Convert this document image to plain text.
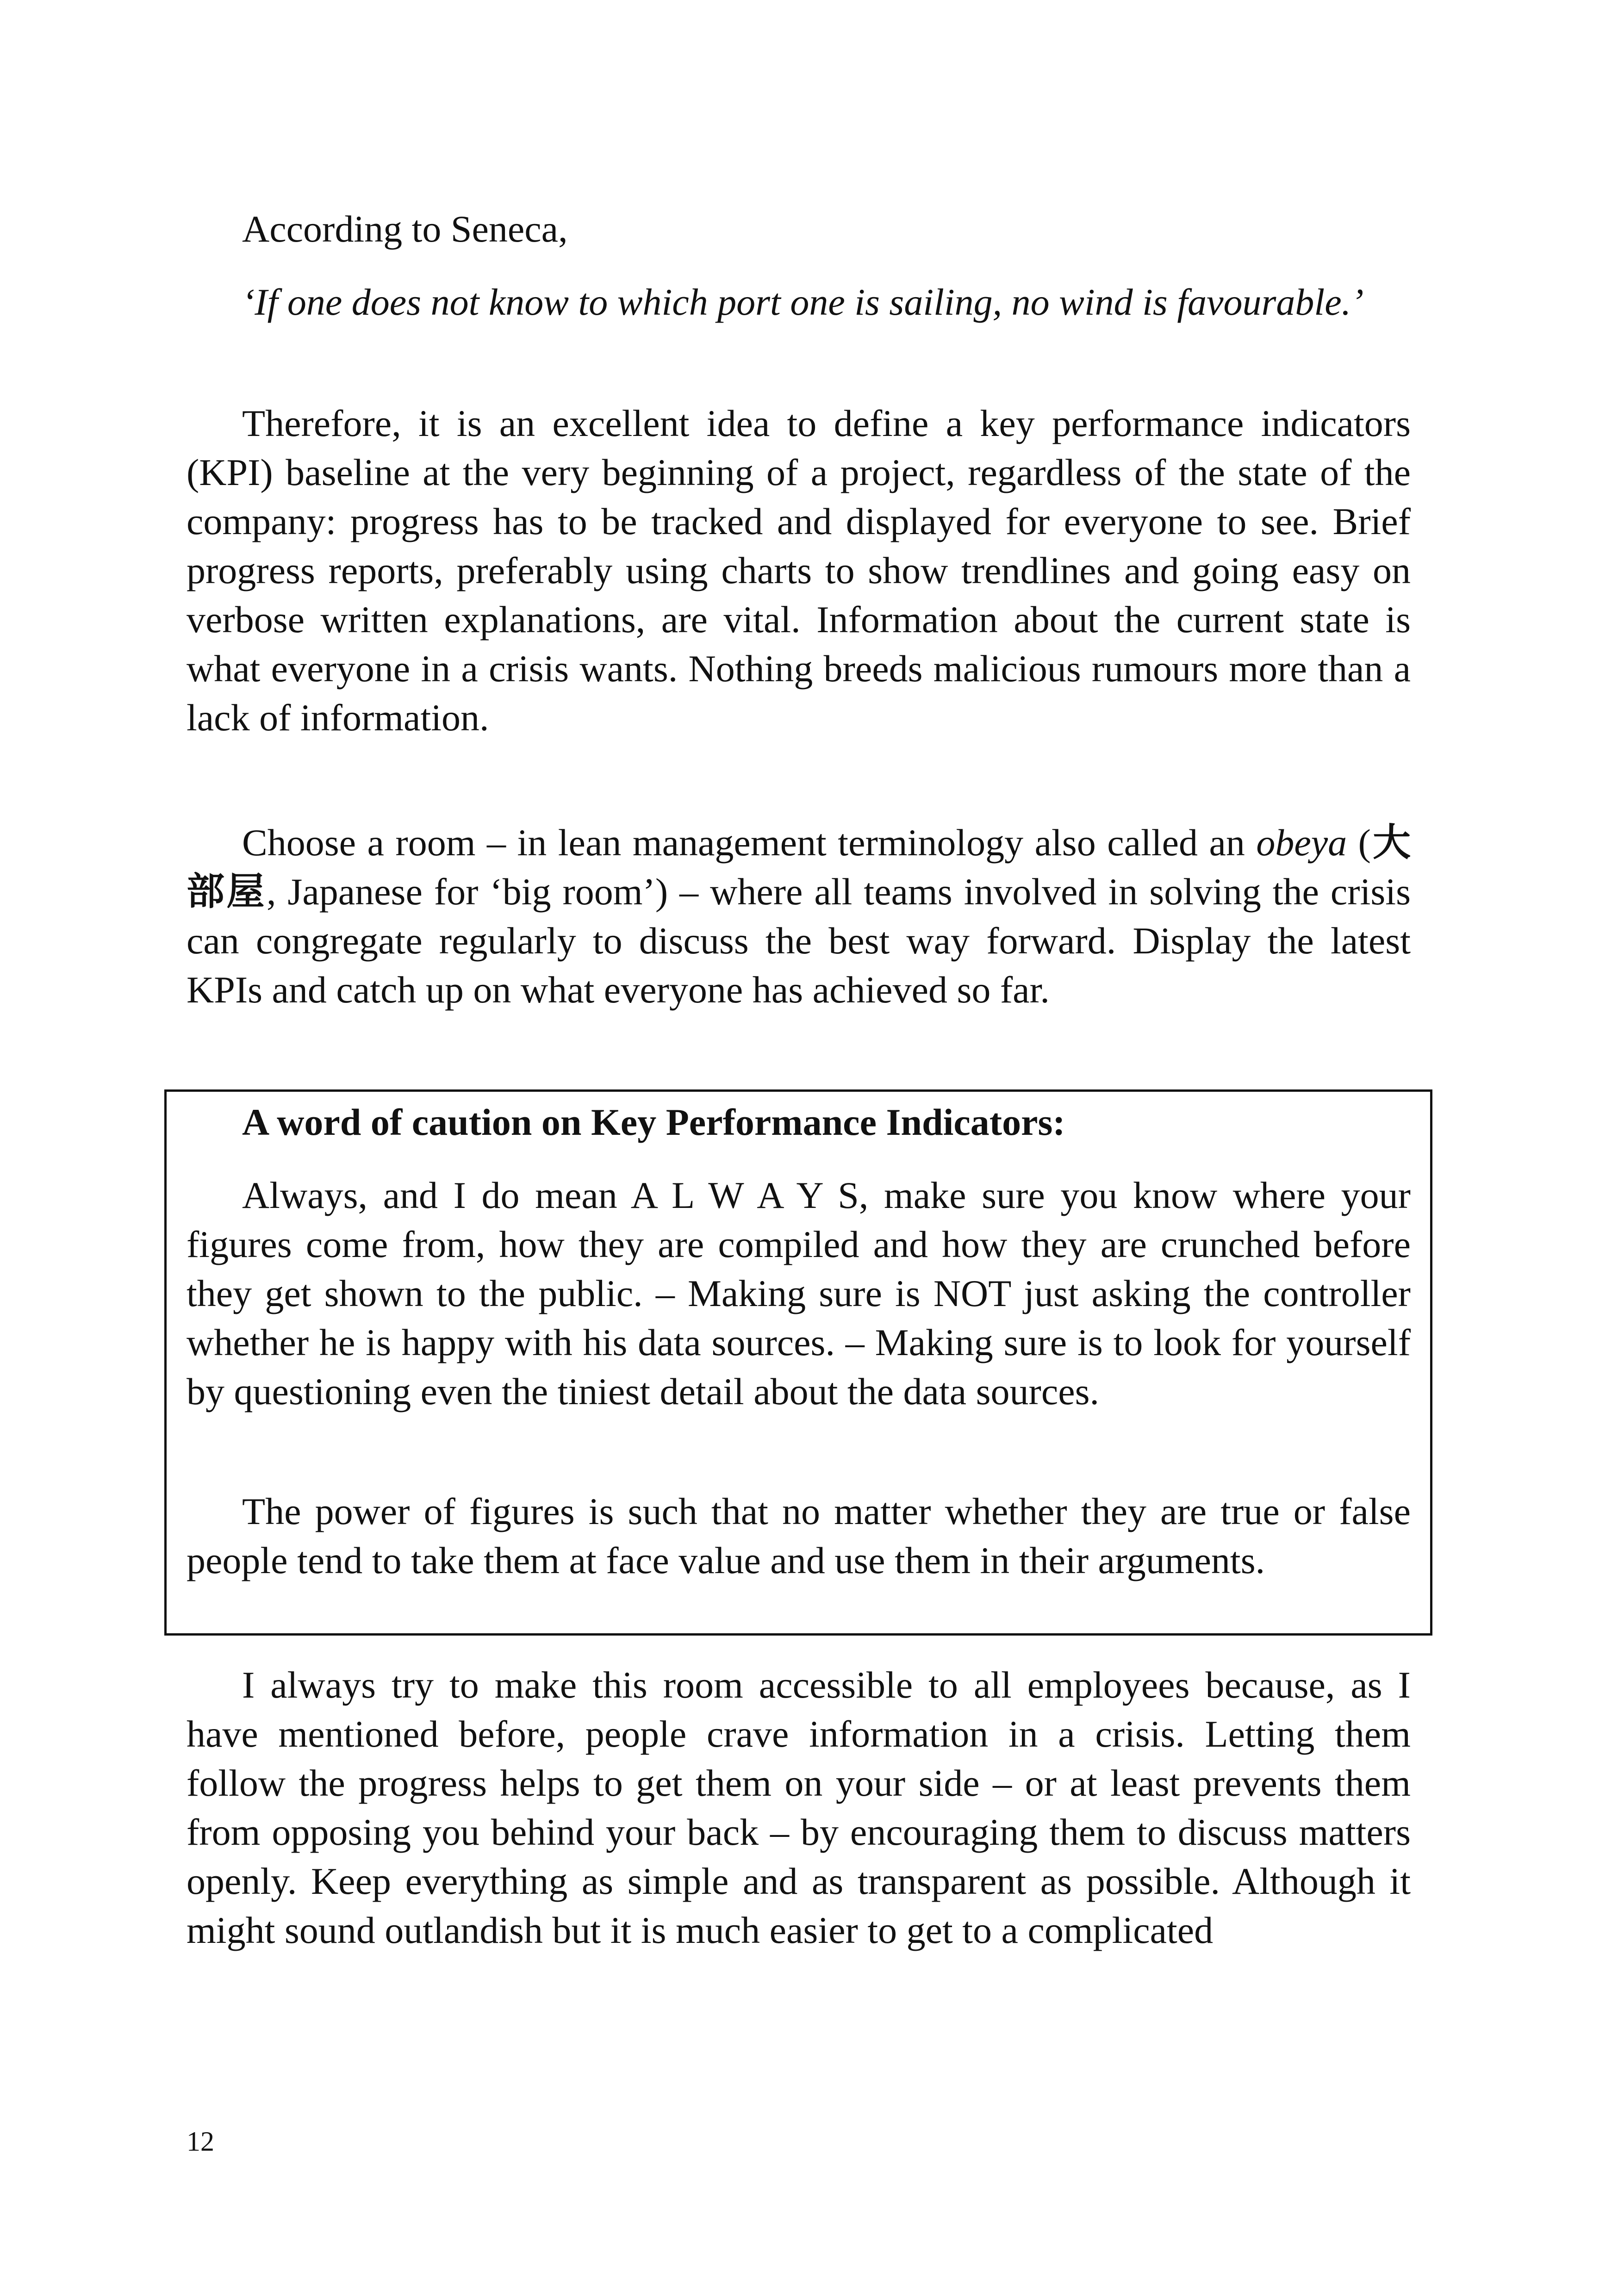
According to Seneca,

‘If one does not know to which port one is sailing, no wind is favourable.’

Therefore, it is an excellent idea to define a key performance indicators (KPI) baseline at the very beginning of a project, regardless of the state of the company: progress has to be tracked and displayed for everyone to see. Brief progress reports, preferably using charts to show trendlines and going easy on verbose written explanations, are vital. Information about the current state is what everyone in a crisis wants. Nothing breeds malicious rumours more than a lack of information.

Choose a room – in lean management terminology also called an obeya (大 部屋, Japanese for ‘big room’) – where all teams involved in solving the crisis can congregate regularly to discuss the best way forward. Display the latest KPIs and catch up on what everyone has achieved so far.

A word of caution on Key Performance Indicators:

Always, and I do mean A L W A Y S, make sure you know where your figures come from, how they are compiled and how they are crunched before they get shown to the public. – Making sure is NOT just asking the controller whether he is happy with his data sources. – Making sure is to look for yourself by questioning even the tiniest detail about the data sources.

The power of figures is such that no matter whether they are true or false people tend to take them at face value and use them in their arguments.

I always try to make this room accessible to all employees because, as I have mentioned before, people crave information in a crisis. Letting them follow the progress helps to get them on your side – or at least prevents them from opposing you behind your back – by encouraging them to discuss matters openly. Keep everything as simple and as transparent as possible. Although it might sound outlandish but it is much easier to get to a complicated

12
